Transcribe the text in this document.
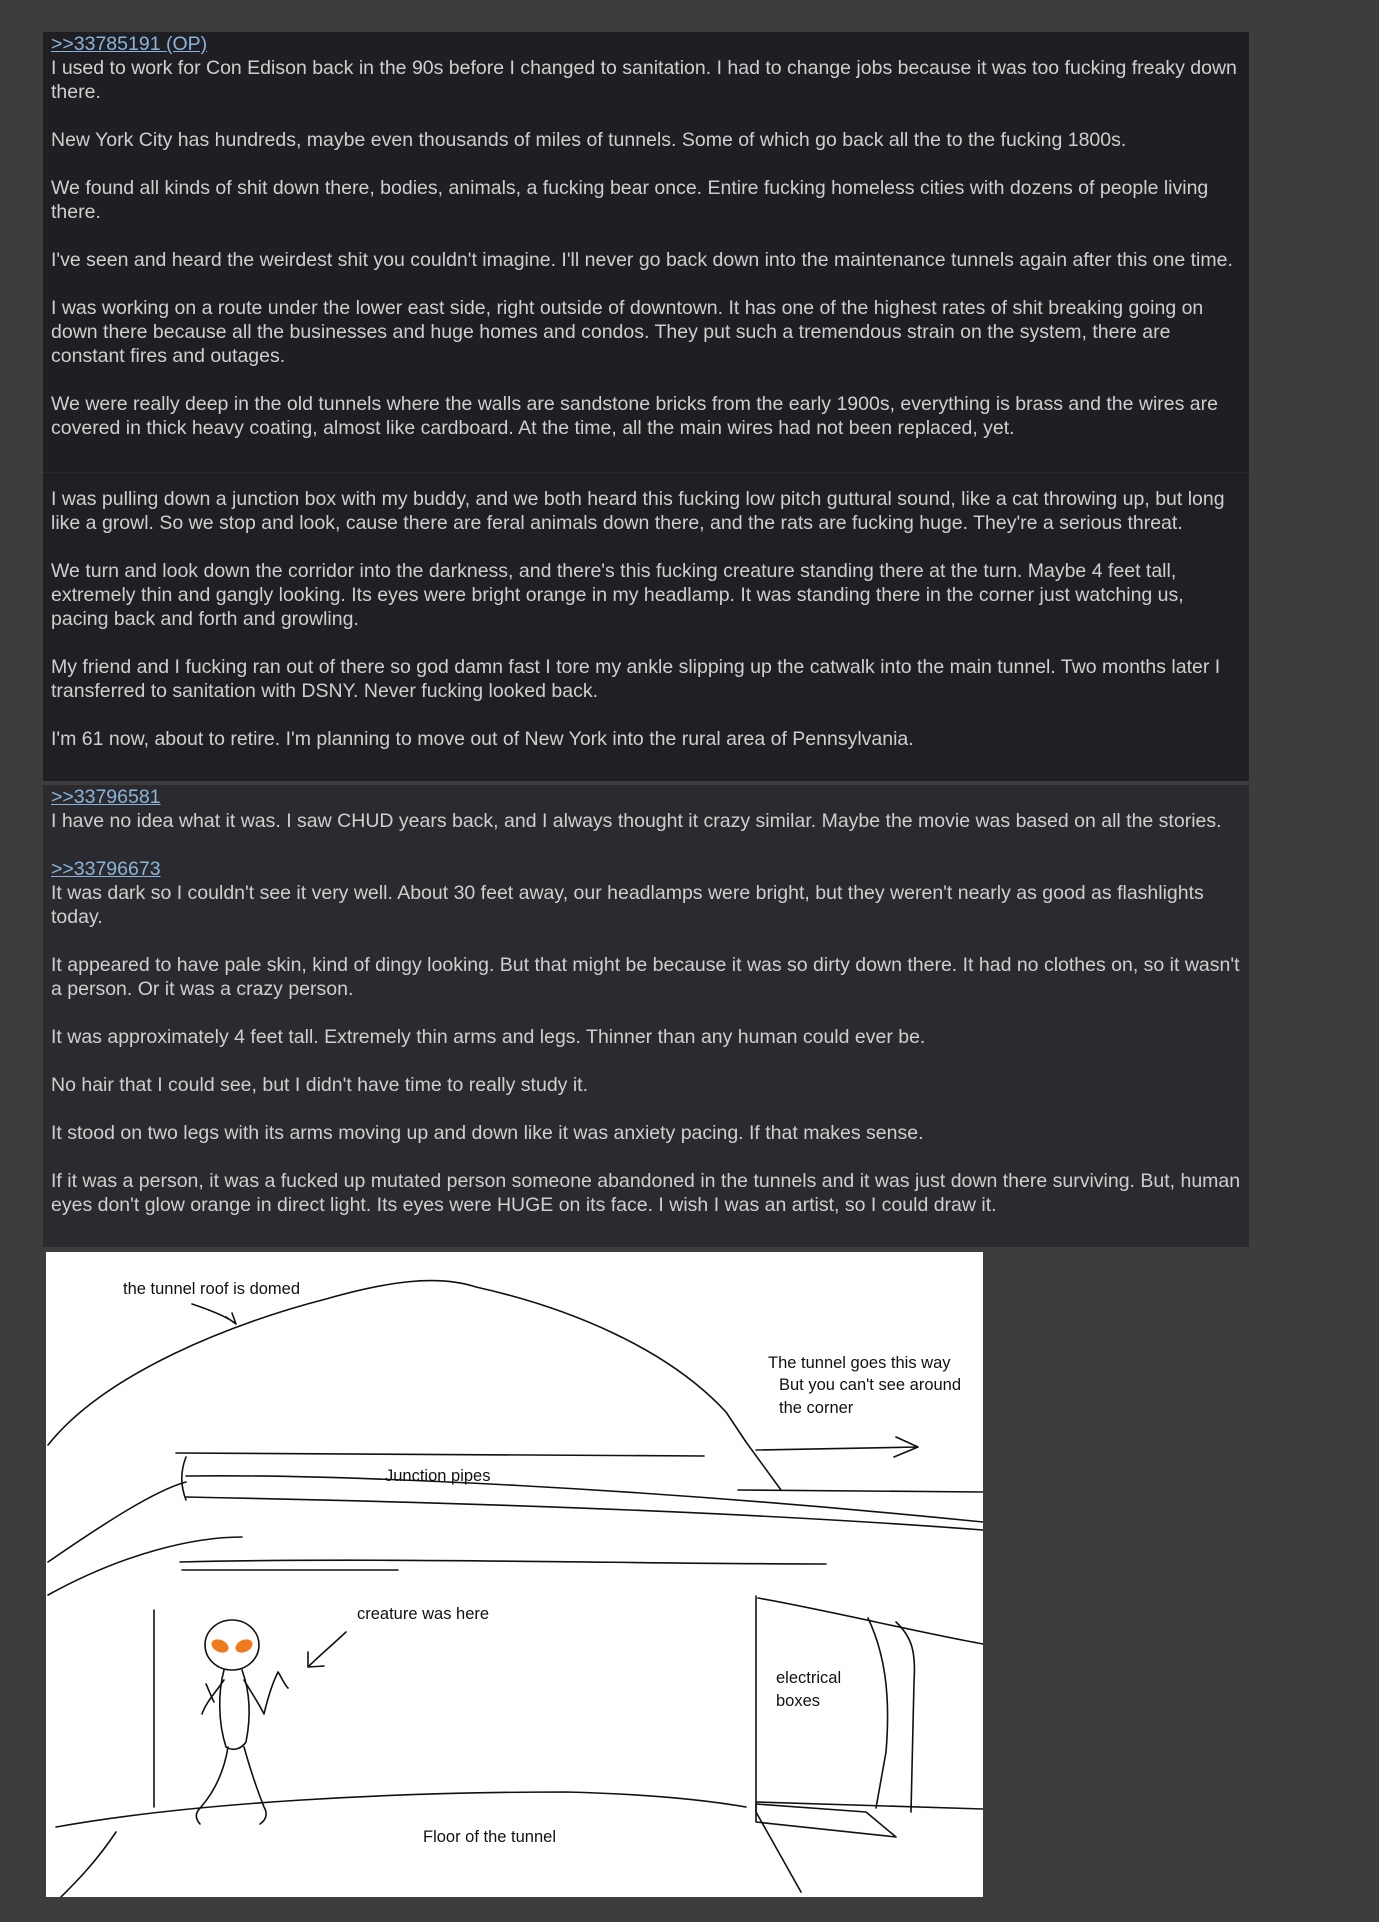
>>33785191 (OP)

I used to work for Con Edison back in the 90s before I changed to sanitation. I had to change jobs because it was too fucking freaky down there.

New York City has hundreds, maybe even thousands of miles of tunnels. Some of which go back all the to the fucking 1800s.

We found all kinds of shit down there, bodies, animals, a fucking bear once. Entire fucking homeless cities with dozens of people living there.

I've seen and heard the weirdest shit you couldn't imagine. I'll never go back down into the maintenance tunnels again after this one time.

I was working on a route under the lower east side, right outside of downtown. It has one of the highest rates of shit breaking going on down there because all the businesses and huge homes and condos. They put such a tremendous strain on the system, there are constant fires and outages.

We were really deep in the old tunnels where the walls are sandstone bricks from the early 1900s, everything is brass and the wires are covered in thick heavy coating, almost like cardboard. At the time, all the main wires had not been replaced, yet.

I was pulling down a junction box with my buddy, and we both heard this fucking low pitch guttural sound, like a cat throwing up, but long like a growl. So we stop and look, cause there are feral animals down there, and the rats are fucking huge. They're a serious threat.

We turn and look down the corridor into the darkness, and there's this fucking creature standing there at the turn. Maybe 4 feet tall, extremely thin and gangly looking. Its eyes were bright orange in my headlamp. It was standing there in the corner just watching us, pacing back and forth and growling.

My friend and I fucking ran out of there so god damn fast I tore my ankle slipping up the catwalk into the main tunnel. Two months later I transferred to sanitation with DSNY. Never fucking looked back.

I'm 61 now, about to retire. I'm planning to move out of New York into the rural area of Pennsylvania.

>>33796581

I have no idea what it was. I saw CHUD years back, and I always thought it crazy similar. Maybe the movie was based on all the stories.

>>33796673

It was dark so I couldn't see it very well. About 30 feet away, our headlamps were bright, but they weren't nearly as good as flashlights today.

It appeared to have pale skin, kind of dingy looking. But that might be because it was so dirty down there. It had no clothes on, so it wasn't a person. Or it was a crazy person.

It was approximately 4 feet tall. Extremely thin arms and legs. Thinner than any human could ever be.

No hair that I could see, but I didn't have time to really study it.

It stood on two legs with its arms moving up and down like it was anxiety pacing. If that makes sense.

If it was a person, it was a fucked up mutated person someone abandoned in the tunnels and it was just down there surviving. But, human eyes don't glow orange in direct light. Its eyes were HUGE on its face. I wish I was an artist, so I could draw it.

the tunnel roof is domed
The tunnel goes this way
But you can't see around
the corner
Junction pipes
creature was here
electrical
boxes
Floor of the tunnel
